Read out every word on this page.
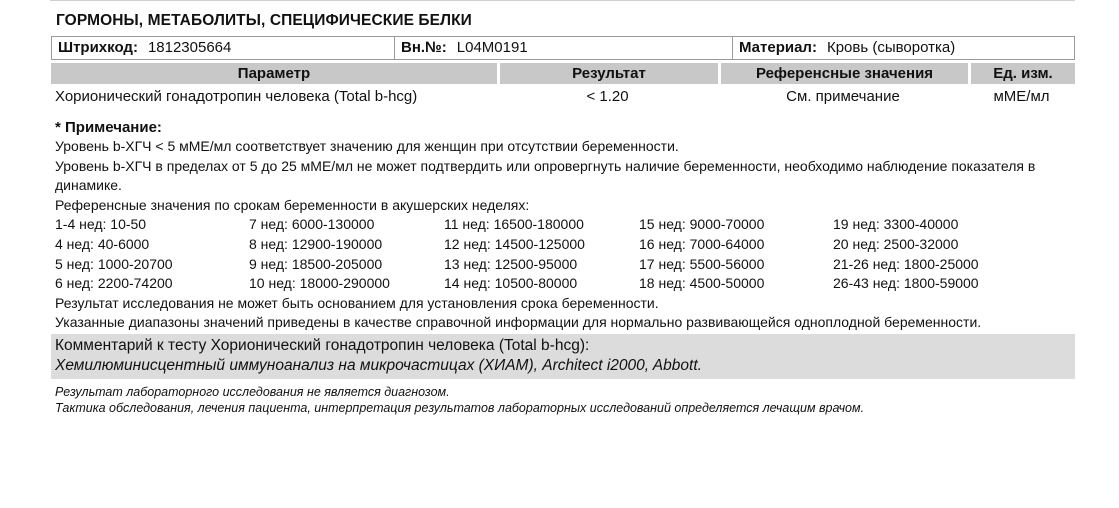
ГОРМОНЫ, МЕТАБОЛИТЫ, СПЕЦИФИЧЕСКИЕ БЕЛКИ
Штрихкод: 1812305664	Вн.№: L04M0191	Материал: Кровь (сыворотка)
Параметр	Результат	Референсные значения	Ед. изм.
Хорионический гонадотропин человека (Total b-hcg)	< 1.20	См. примечание	мМЕ/мл
* Примечание:
Уровень b-ХГЧ < 5 мМЕ/мл соответствует значению для женщин при отсутствии беременности.
Уровень b-ХГЧ в пределах от 5 до 25 мМЕ/мл не может подтвердить или опровергнуть наличие беременности, необходимо наблюдение показателя в динамике.
Референсные значения по срокам беременности в акушерских неделях:
1-4 нед: 10-50	7 нед: 6000-130000	11 нед: 16500-180000	15 нед: 9000-70000	19 нед: 3300-40000
4 нед: 40-6000	8 нед: 12900-190000	12 нед: 14500-125000	16 нед: 7000-64000	20 нед: 2500-32000
5 нед: 1000-20700	9 нед: 18500-205000	13 нед: 12500-95000	17 нед: 5500-56000	21-26 нед: 1800-25000
6 нед: 2200-74200	10 нед: 18000-290000	14 нед: 10500-80000	18 нед: 4500-50000	26-43 нед: 1800-59000
Результат исследования не может быть основанием для установления срока беременности.
Указанные диапазоны значений приведены в качестве справочной информации для нормально развивающейся одноплодной беременности.
Комментарий к тесту Хорионический гонадотропин человека (Total b-hcg):
Хемилюминисцентный иммуноанализ на микрочастицах (ХИАМ), Architect i2000, Abbott.
Результат лабораторного исследования не является диагнозом.
Тактика обследования, лечения пациента, интерпретация результатов лабораторных исследований определяется лечащим врачом.
